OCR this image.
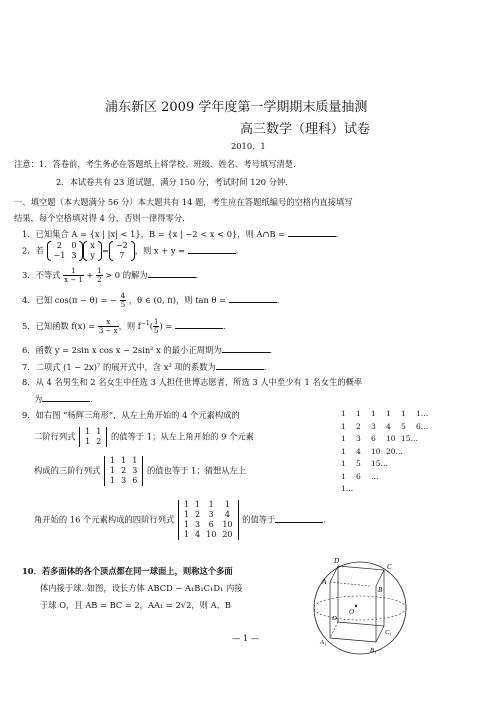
浦东新区 2009 学年度第一学期期末质量抽测
高三数学（理科）试卷
2010．1
注意：1．答卷前，考生务必在答题纸上将学校、班级、姓名、考号填写清楚.
2．本试卷共有 23 道试题，满分 150 分，考试时间 120 分钟.
一、填空题（本大题满分 56 分）本大题共有 14 题，考生应在答题纸编号的空格内直接填写
结果，每个空格填对得 4 分，否则一律得零分.
1．已知集合 A = {x | |x| < 1}，B = {x | −2 < x < 0}，则 A∩B =	.
2．若 2	0
−1	3
x
y = −2
7 ，则 x + y =	.
3．不等式 $\frac{1}{x - 1} + \frac{1}{2} > 0$ 的解为	.
4．已知 cos(π − θ) = − $\frac{4}{5}$ ，θ ∈ (0, π)，则 tan θ =	.
5．已知函数 $f(x) = \frac{x}{3 - x}$ ，则 $f^{-1}( \frac{1}{5}$ ) =	.
6．函数 y = 2sin x cos x − 2sin² x 的最小正周期为	.
7．二项式 (1 − 2x)⁷ 的展开式中，含 x³ 项的系数为	.
8．从 4 名男生和 2 名女生中任选 3 人担任世博志愿者，所选 3 人中至少有 1 名女生的概率
为	.
9．如右图 “杨辉三角形”，从左上角开始的 4 个元素构成的
二阶行列式 1	1
1	2 的值等于 1；从左上角开始的 9 个元素
构成的三阶行列式
1	1	1
1	2	3
1	3	6
的值也等于 1；猜想从左上
角开始的 16 个元素构成的四阶行列式
1	1	1	1
1	2	3	4
1	3	6	10
1	4	10	20
的值等于	.
1 1 1 1 1 1…
1 2 3 4 5 6…
1 3 6 10 15…
1 4 10 20…
1 5 15…
1 6 …
1…
10．若多面体的各个顶点都在同一球面上，则称这个多面
体内接于球. 如图，设长方体 ABCD − A₁B₁C₁D₁ 内接
于球 O，且 AB = BC = 2，AA₁ = 2√2，则 A、B
D
C
A
B
O
D₁
C₁
A₁
B₁
— 1 —
